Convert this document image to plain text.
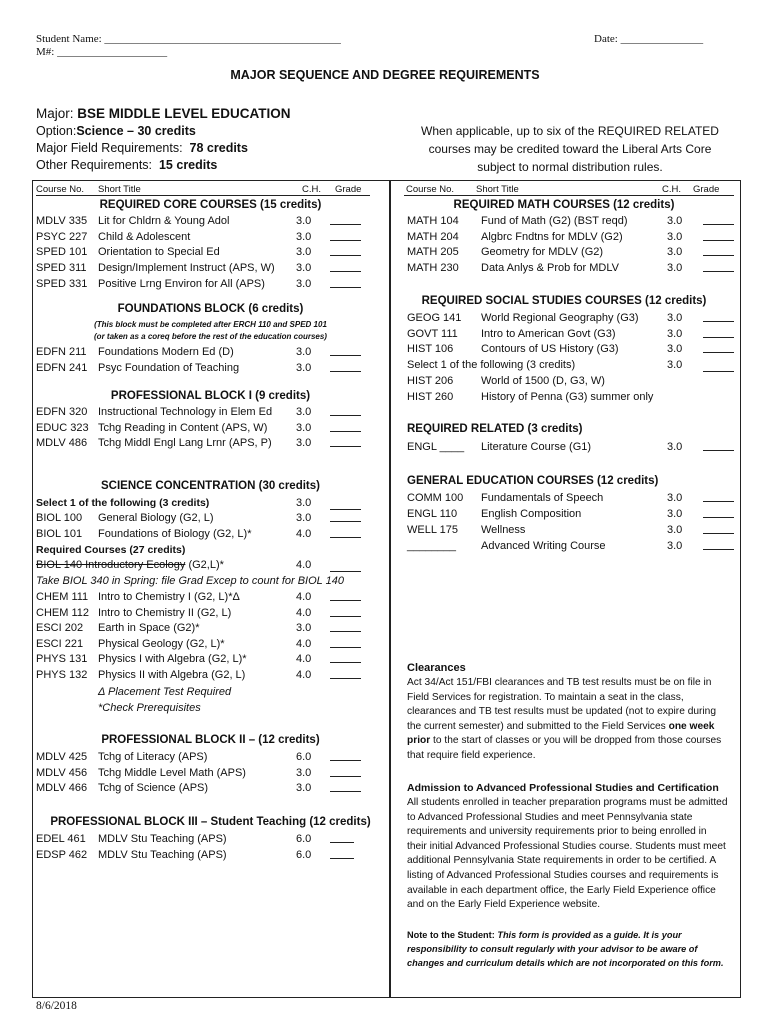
Student Name: ___________________________________________
M#: ____________________
Date: _______________
MAJOR SEQUENCE AND DEGREE REQUIREMENTS
Major: BSE MIDDLE LEVEL EDUCATION
Option:Science – 30 credits
Major Field Requirements: 78 credits
Other Requirements: 15 credits
When applicable, up to six of the REQUIRED RELATED
courses may be credited toward the Liberal Arts Core
subject to normal distribution rules.
Course No. Short Title	C.H. Grade	Course No. Short Title	C.H. Grade
REQUIRED CORE COURSES (15 credits)
MDLV 335 Lit for Chldrn & Young Adol	3.0
PSYC 227 Child & Adolescent	3.0
SPED 101 Orientation to Special Ed	3.0
SPED 311 Design/Implement Instruct (APS, W) 3.0
SPED 331 Positive Lrng Environ for All (APS)	3.0
FOUNDATIONS BLOCK (6 credits)
(This block must be completed after ERCH 110 and SPED 101
(or taken as a coreq before the rest of the education courses)
EDFN 211 Foundations Modern Ed (D)	3.0
EDFN 241 Psyc Foundation of Teaching	3.0
PROFESSIONAL BLOCK I (9 credits)
EDFN 320 Instructional Technology in Elem Ed 3.0
EDUC 323 Tchg Reading in Content (APS, W)	3.0
MDLV 486 Tchg Middl Engl Lang Lrnr (APS, P) 3.0
SCIENCE CONCENTRATION (30 credits)
Select 1 of the following (3 credits)	3.0
BIOL 100 General Biology (G2, L)	3.0
BIOL 101 Foundations of Biology (G2, L)*	4.0
Required Courses (27 credits)
BIOL 140 Introductory Ecology (G2,L)*	4.0
Take BIOL 340 in Spring: file Grad Excep to count for BIOL 140
CHEM 111 Intro to Chemistry I (G2, L)*Δ	4.0
CHEM 112 Intro to Chemistry II (G2, L)	4.0
ESCI 202 Earth in Space (G2)*	3.0
ESCI 221 Physical Geology (G2, L)*	4.0
PHYS 131 Physics I with Algebra (G2, L)*	4.0
PHYS 132 Physics II with Algebra (G2, L)	4.0
Δ Placement Test Required
*Check Prerequisites
PROFESSIONAL BLOCK II – (12 credits)
MDLV 425 Tchg of Literacy (APS)	6.0
MDLV 456 Tchg Middle Level Math (APS)	3.0
MDLV 466 Tchg of Science (APS)	3.0
PROFESSIONAL BLOCK III – Student Teaching (12 credits)
EDEL 461 MDLV Stu Teaching (APS)	6.0
EDSP 462 MDLV Stu Teaching (APS)	6.0
REQUIRED MATH COURSES (12 credits)
MATH 104 Fund of Math (G2) (BST reqd)	3.0
MATH 204 Algbrc Fndtns for MDLV (G2)	3.0
MATH 205 Geometry for MDLV (G2)	3.0
MATH 230 Data Anlys & Prob for MDLV	3.0
REQUIRED SOCIAL STUDIES COURSES (12 credits)
GEOG 141 World Regional Geography (G3)	3.0
GOVT 111 Intro to American Govt (G3)	3.0
HIST 106	Contours of US History (G3)	3.0
Select 1 of the following (3 credits)	3.0
HIST 206	World of 1500 (D, G3, W)
HIST 260	History of Penna (G3) summer only
REQUIRED RELATED (3 credits)
ENGL ____ Literature Course (G1)	3.0
GENERAL EDUCATION COURSES (12 credits)
COMM 100 Fundamentals of Speech	3.0
ENGL 110 English Composition	3.0
WELL 175 Wellness	3.0
________ Advanced Writing Course	3.0
Clearances
Act 34/Act 151/FBI clearances and TB test results must be on file in Field Services for registration. To maintain a seat in the class, clearances and TB test results must be updated (not to expire during the current semester) and submitted to the Field Services one week prior to the start of classes or you will be dropped from those courses that require field experience.
Admission to Advanced Professional Studies and Certification
All students enrolled in teacher preparation programs must be admitted to Advanced Professional Studies and meet Pennsylvania state requirements and university requirements prior to being enrolled in their initial Advanced Professional Studies course. Students must meet additional Pennsylvania State requirements in order to be certified. A listing of Advanced Professional Studies courses and requirements is available in each department office, the Early Field Experience office and on the Early Field Experience website.
Note to the Student: This form is provided as a guide. It is your responsibility to consult regularly with your advisor to be aware of changes and curriculum details which are not incorporated on this form.
8/6/2018
